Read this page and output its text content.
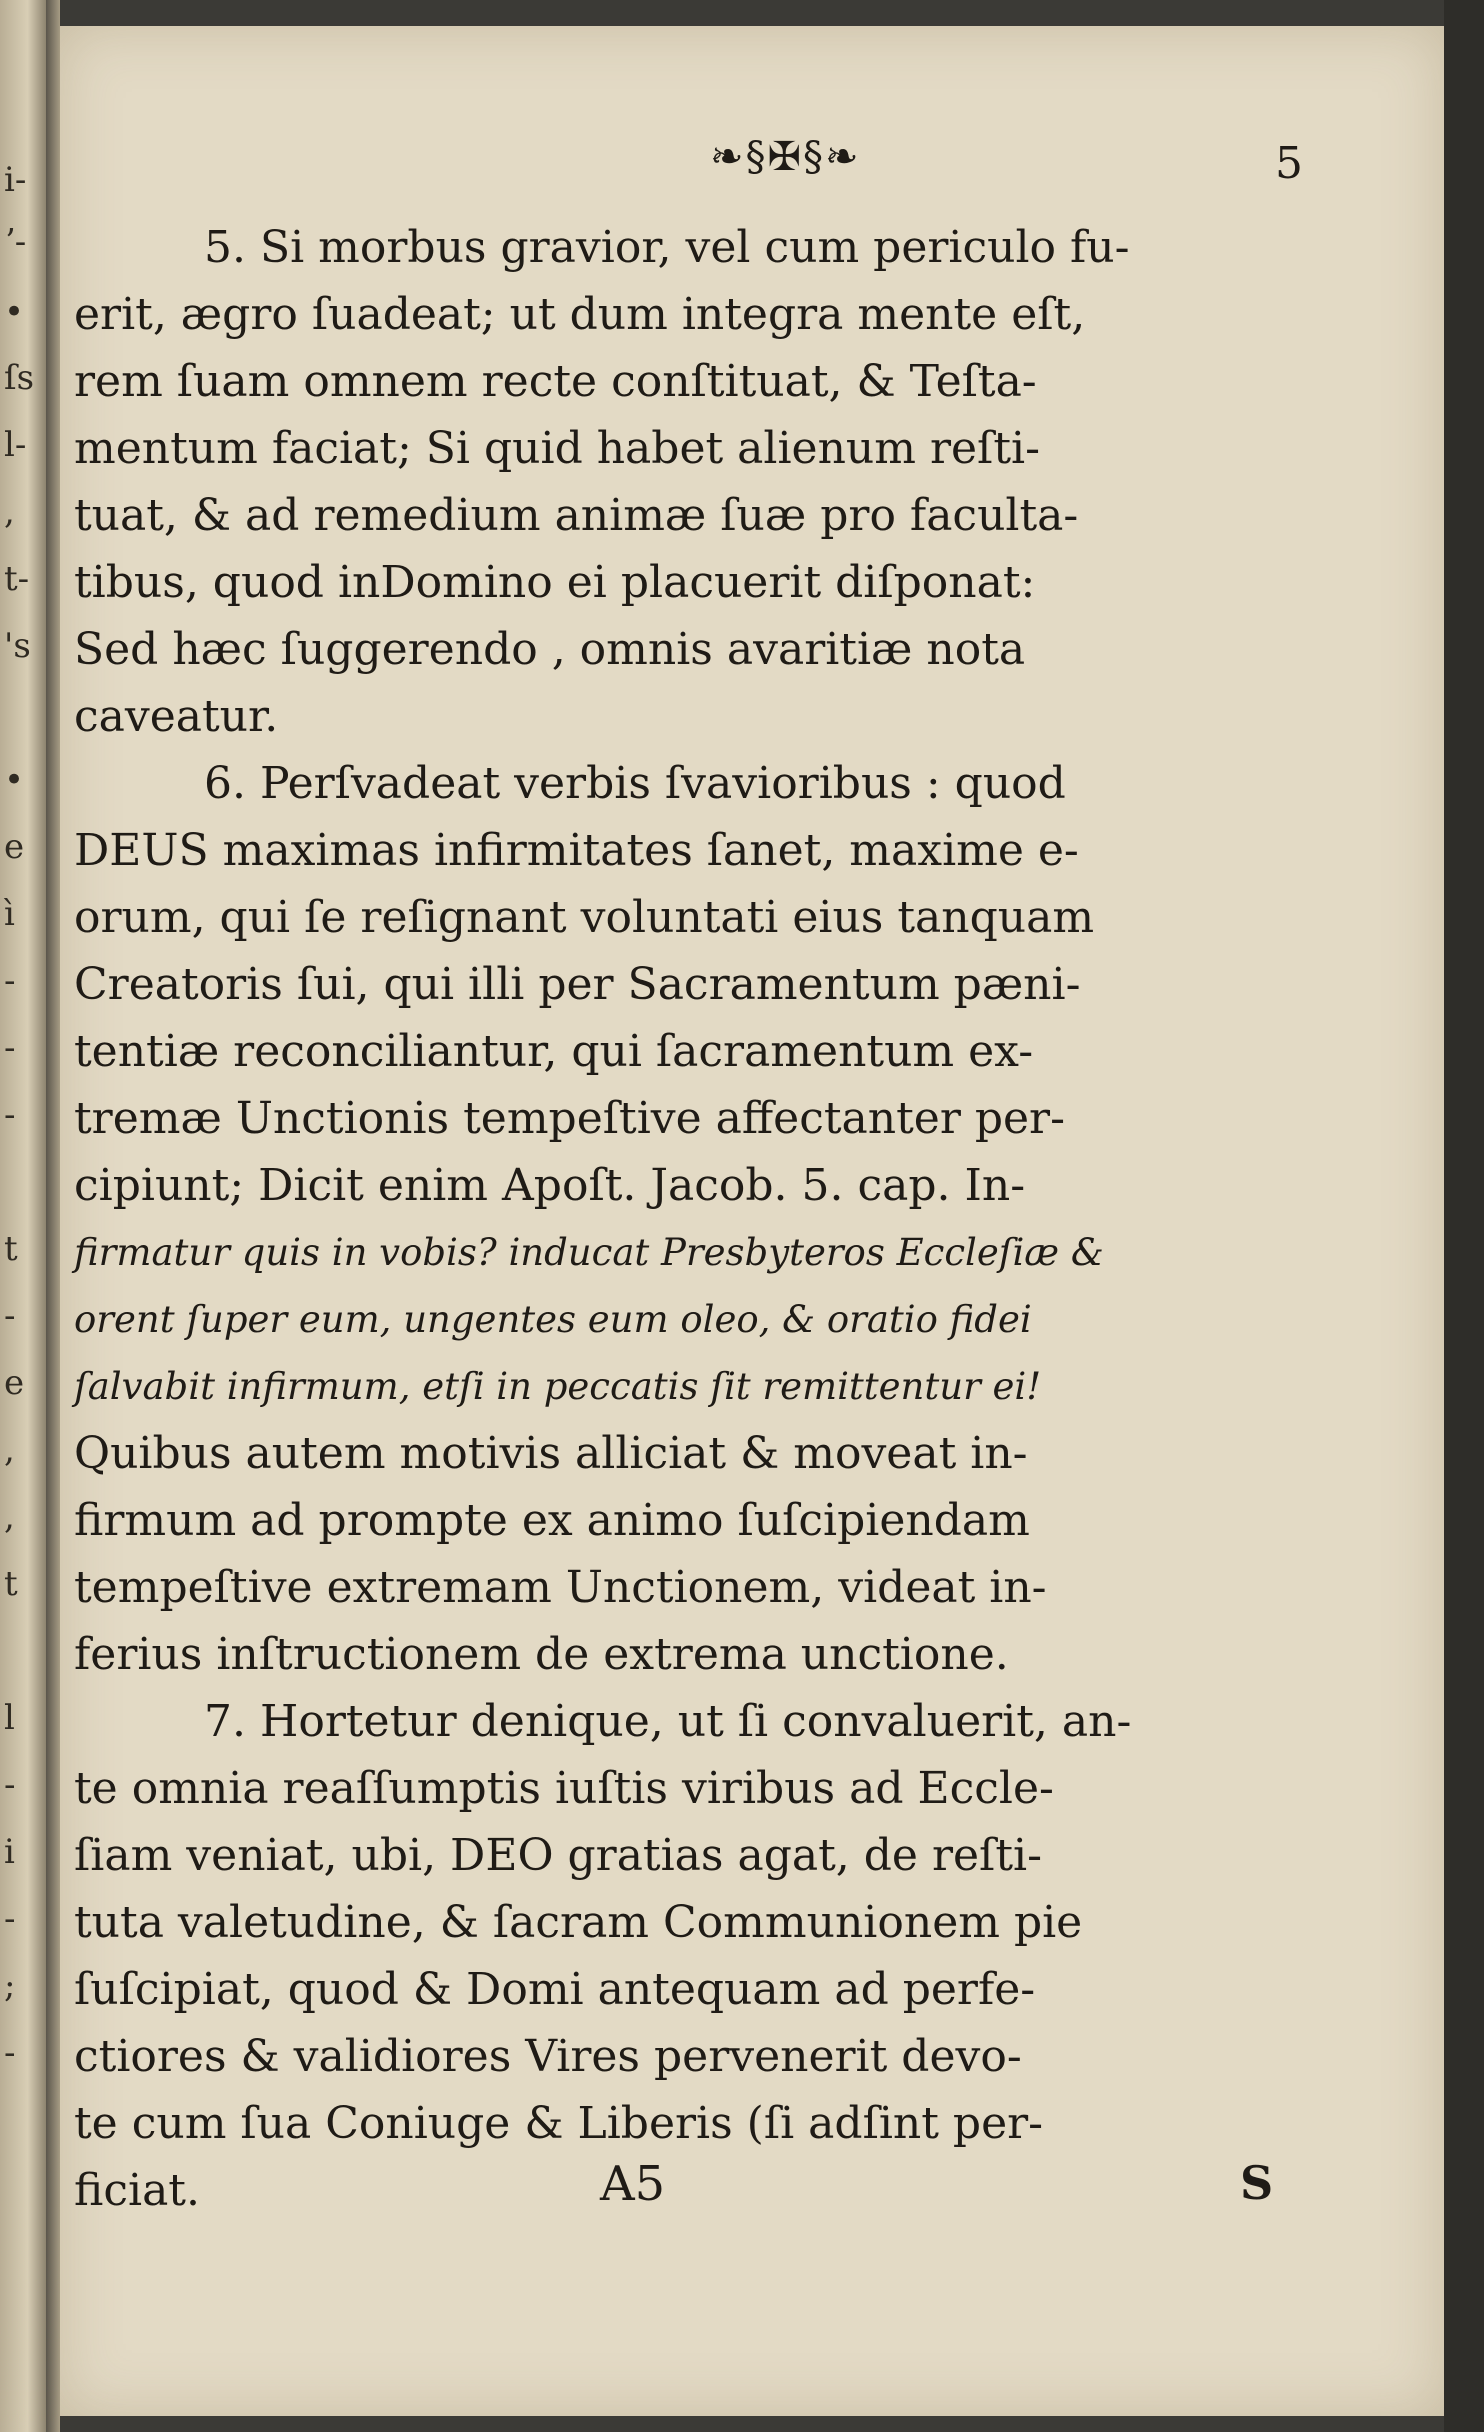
i-
ʼ-
•
ſs
l-
,
t-
's
•
e
ì
-
-
-
t
-
e
,
,
t
l
-
i
-
;
-
❧§✠§❧	5
5. Si morbus gravior, vel cum periculo fu-
erit, ægro ſuadeat; ut dum integra mente eſt,
rem ſuam omnem recte conſtituat, & Teſta-
mentum faciat; Si quid habet alienum reſti-
tuat, & ad remedium animæ ſuæ pro faculta-
tibus, quod inDomino ei placuerit diſponat:
Sed hæc ſuggerendo , omnis avaritiæ nota
caveatur.
6. Perſvadeat verbis ſvavioribus : quod
DEUS maximas infirmitates ſanet, maxime e-
orum, qui ſe reſignant voluntati eius tanquam
Creatoris ſui, qui illi per Sacramentum pæni-
tentiæ reconciliantur, qui ſacramentum ex-
tremæ Unctionis tempeſtive affectanter per-
cipiunt; Dicit enim Apoſt. Jacob. 5. cap. In-
firmatur quis in vobis? inducat Presbyteros Eccleſiæ &
orent ſuper eum, ungentes eum oleo, & oratio fidei
ſalvabit infirmum, etſi in peccatis ſit remittentur ei!
Quibus autem motivis alliciat & moveat in-
firmum ad prompte ex animo ſuſcipiendam
tempeſtive extremam Unctionem, videat in-
ferius inſtructionem de extrema unctione.
7. Hortetur denique, ut ſi convaluerit, an-
te omnia reaſſumptis iuſtis viribus ad Eccle-
ſiam veniat, ubi, DEO gratias agat, de reſti-
tuta valetudine, & ſacram Communionem pie
ſuſcipiat, quod & Domi antequam ad perfe-
ctiores & validiores Vires pervenerit devo-
te cum ſua Coniuge & Liberis (ſi adſint per-
ficiat.	A5	S
